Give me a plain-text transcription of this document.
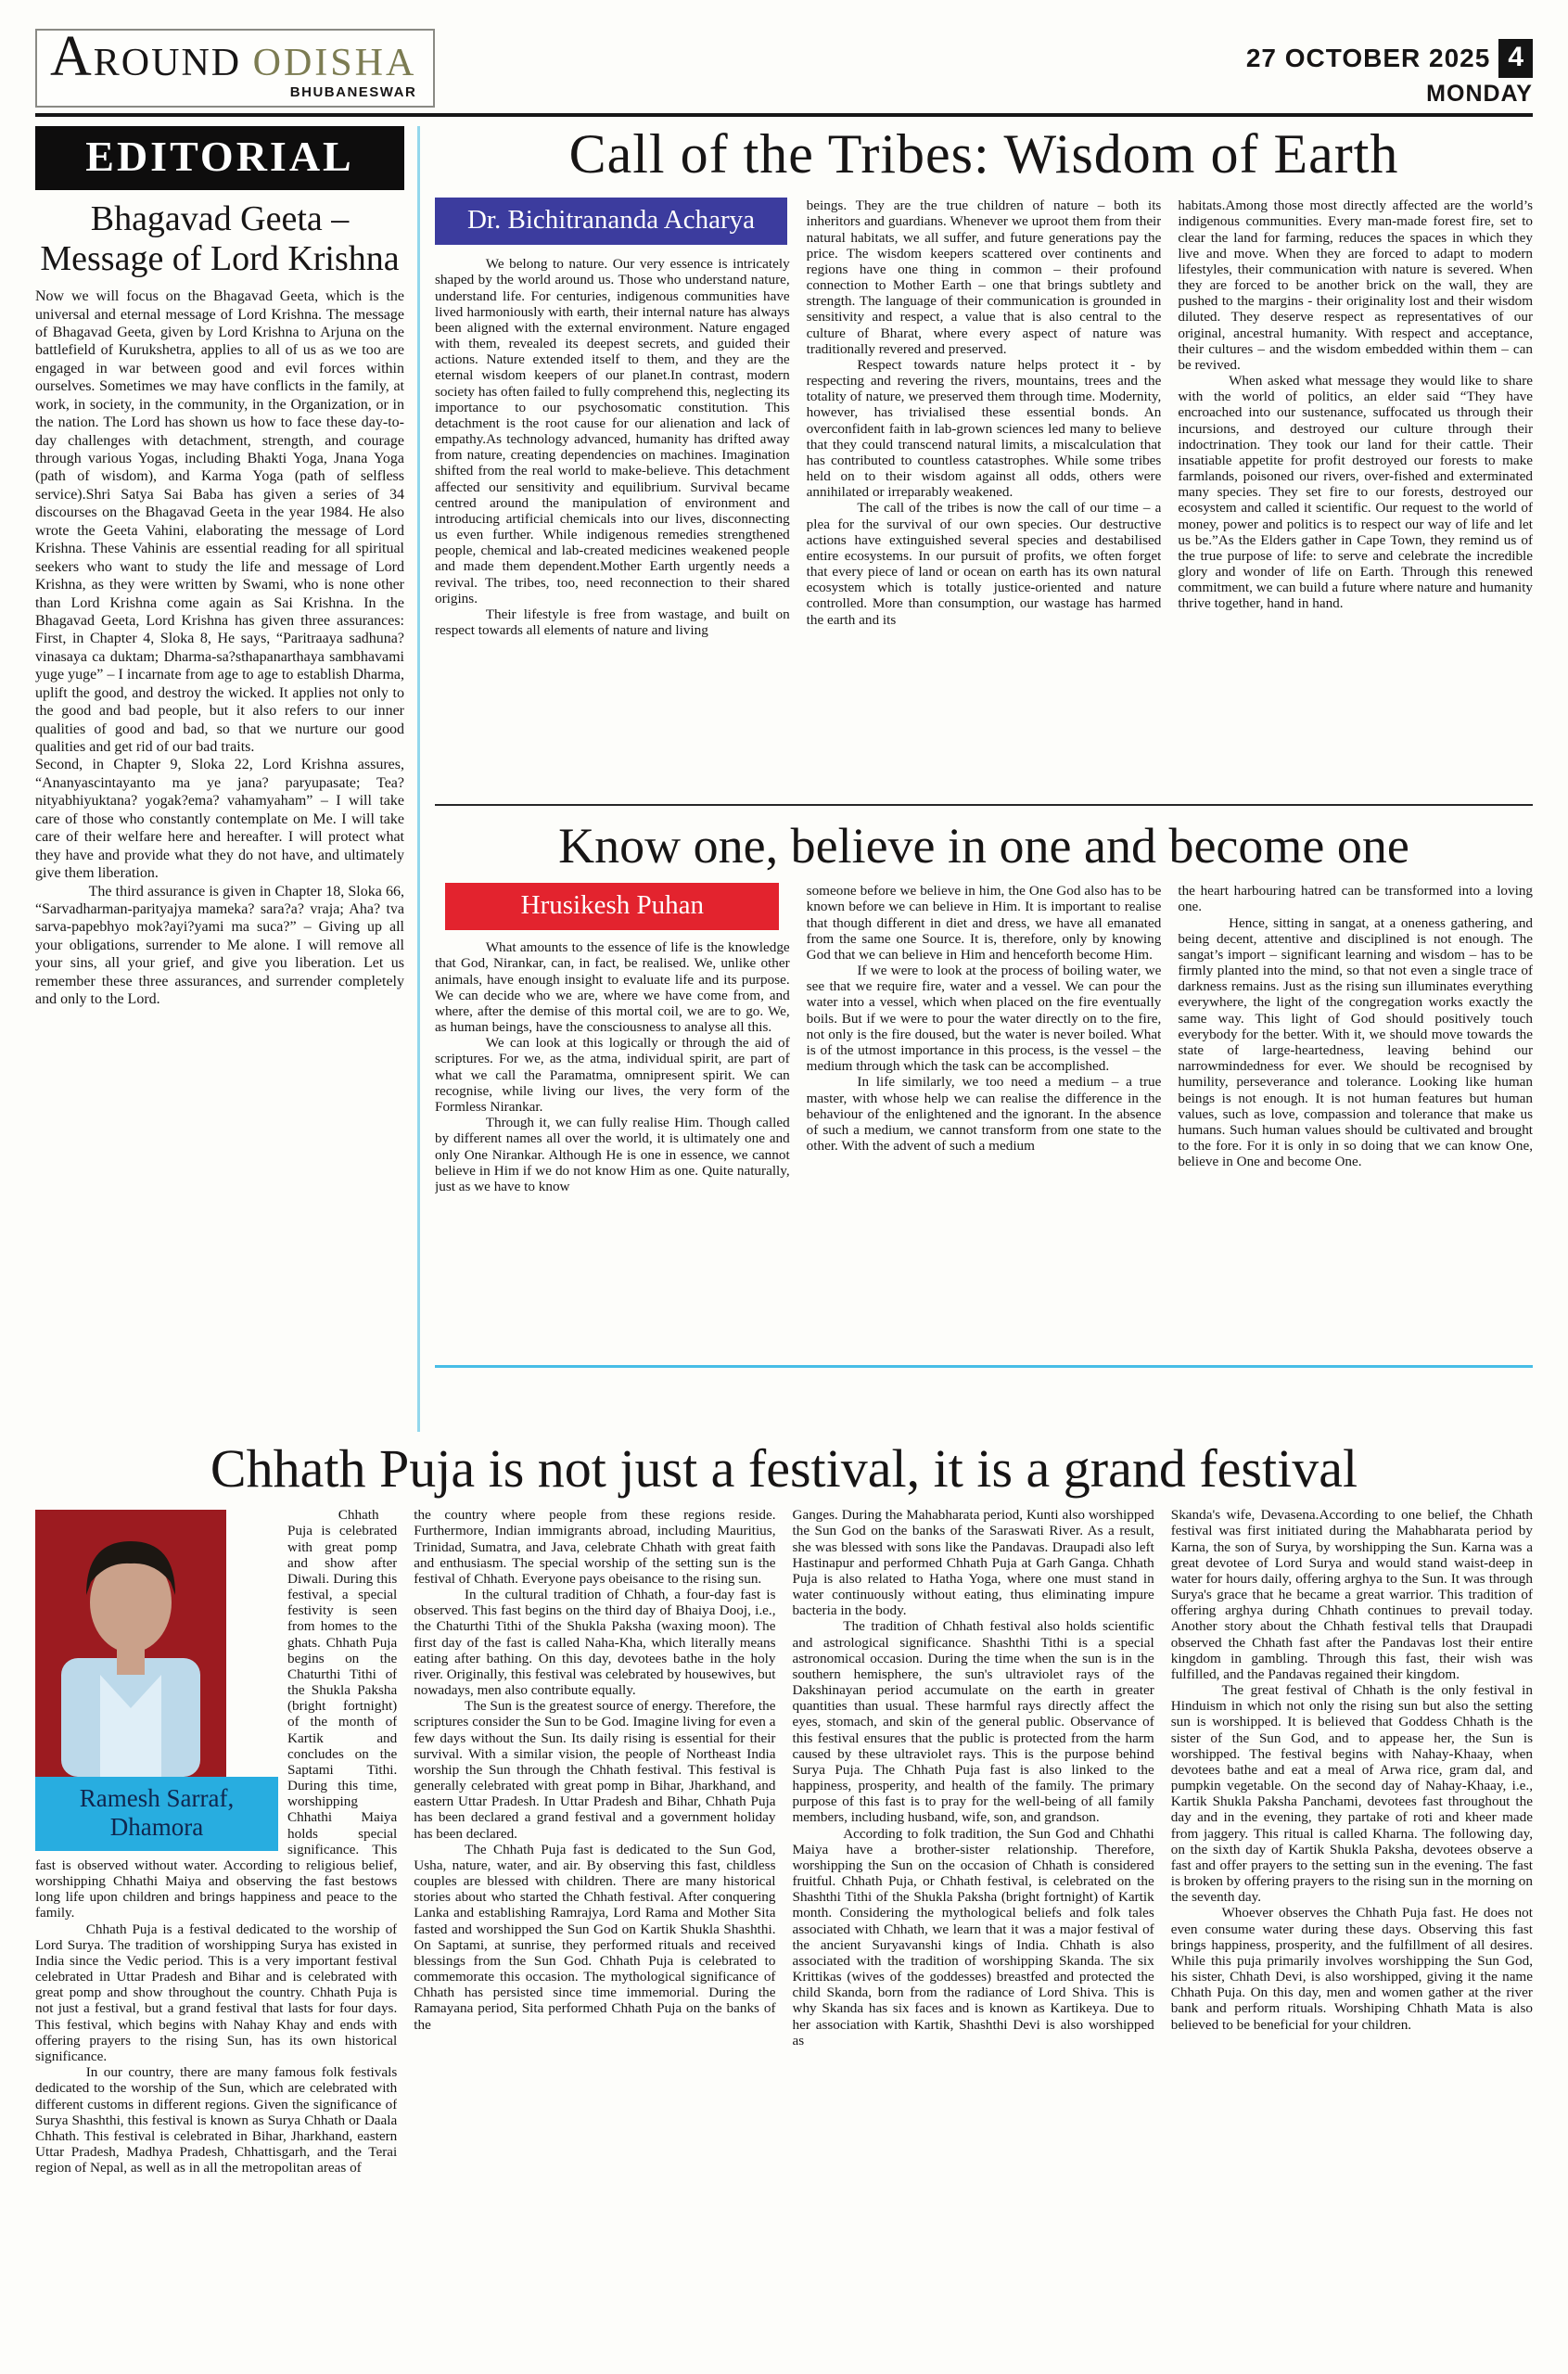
AROUND ODISHA
BHUBANESWAR
27 OCTOBER 2025 4
MONDAY
EDITORIAL
Bhagavad Geeta – Message of Lord Krishna

Now we will focus on the Bhagavad Geeta, which is the universal and eternal message of Lord Krishna. The message of Bhagavad Geeta, given by Lord Krishna to Arjuna on the battlefield of Kurukshetra, applies to all of us as we too are engaged in war between good and evil forces within ourselves. Sometimes we may have conflicts in the family, at work, in society, in the community, in the Organization, or in the nation. The Lord has shown us how to face these day-to-day challenges with detachment, strength, and courage through various Yogas, including Bhakti Yoga, Jnana Yoga (path of wisdom), and Karma Yoga (path of selfless service).Shri Satya Sai Baba has given a series of 34 discourses on the Bhagavad Geeta in the year 1984. He also wrote the Geeta Vahini, elaborating the message of Lord Krishna. These Vahinis are essential reading for all spiritual seekers who want to study the life and message of Lord Krishna, as they were written by Swami, who is none other than Lord Krishna come again as Sai Krishna. In the Bhagavad Geeta, Lord Krishna has given three assurances: First, in Chapter 4, Sloka 8, He says, “Paritraaya sadhuna? vinasaya ca duktam; Dharma-sa?sthapanarthaya sambhavami yuge yuge” – I incarnate from age to age to establish Dharma, uplift the good, and destroy the wicked. It applies not only to the good and bad people, but it also refers to our inner qualities of good and bad, so that we nurture our good qualities and get rid of our bad traits.

Second, in Chapter 9, Sloka 22, Lord Krishna assures, “Ananyascintayanto ma ye jana? paryupasate; Tea? nityabhiyuktana? yogak?ema? vahamyaham” – I will take care of those who constantly contemplate on Me. I will take care of their welfare here and hereafter. I will protect what they have and provide what they do not have, and ultimately give them liberation.

The third assurance is given in Chapter 18, Sloka 66, “Sarvadharman-parityajya mameka? sara?a? vraja; Aha? tva sarva-papebhyo mok?ayi?yami ma suca?” – Giving up all your obligations, surrender to Me alone. I will remove all your sins, all your grief, and give you liberation. Let us remember these three assurances, and surrender completely and only to the Lord.

Call of the Tribes: Wisdom of Earth
Dr. Bichitrananda Acharya

We belong to nature. Our very essence is intricately shaped by the world around us. Those who understand nature, understand life. For centuries, indigenous communities have lived harmoniously with earth, their internal nature has always been aligned with the external environment. Nature engaged with them, revealed its deepest secrets, and guided their actions. Nature extended itself to them, and they are the eternal wisdom keepers of our planet.In contrast, modern society has often failed to fully comprehend this, neglecting its importance to our psychosomatic constitution. This detachment is the root cause for our alienation and lack of empathy.As technology advanced, humanity has drifted away from nature, creating dependencies on machines. Imagination shifted from the real world to make-believe. This detachment affected our sensitivity and equilibrium. Survival became centred around the manipulation of environment and introducing artificial chemicals into our lives, disconnecting us even further. While indigenous remedies strengthened people, chemical and lab-created medicines weakened people and made them dependent.Mother Earth urgently needs a revival. The tribes, too, need reconnection to their shared origins.

Their lifestyle is free from wastage, and built on respect towards all elements of nature and living

beings. They are the true children of nature – both its inheritors and guardians. Whenever we uproot them from their natural habitats, we all suffer, and future generations pay the price. The wisdom keepers scattered over continents and regions have one thing in common – their profound connection to Mother Earth – one that brings subtlety and strength. The language of their communication is grounded in sensitivity and respect, a value that is also central to the culture of Bharat, where every aspect of nature was traditionally revered and preserved.

Respect towards nature helps protect it - by respecting and revering the rivers, mountains, trees and the totality of nature, we preserved them through time. Modernity, however, has trivialised these essential bonds. An overconfident faith in lab-grown sciences led many to believe that they could transcend natural limits, a miscalculation that has contributed to countless catastrophes. While some tribes held on to their wisdom against all odds, others were annihilated or irreparably weakened.

The call of the tribes is now the call of our time – a plea for the survival of our own species. Our destructive actions have extinguished several species and destabilised entire ecosystems. In our pursuit of profits, we often forget that every piece of land or ocean on earth has its own natural ecosystem which is totally justice-oriented and nature controlled. More than consumption, our wastage has harmed the earth and its

habitats.Among those most directly affected are the world’s indigenous communities. Every man-made forest fire, set to clear the land for farming, reduces the spaces in which they live and move. When they are forced to adapt to modern lifestyles, their communication with nature is severed. When they are forced to be another brick on the wall, they are pushed to the margins - their originality lost and their wisdom diluted. They deserve respect as representatives of our original, ancestral humanity. With respect and acceptance, their cultures – and the wisdom embedded within them – can be revived.

When asked what message they would like to share with the world of politics, an elder said “They have encroached into our sustenance, suffocated us through their incursions, and destroyed our culture through their indoctrination. They took our land for their cattle. Their insatiable appetite for profit destroyed our forests to make farmlands, poisoned our rivers, over-fished and exterminated many species. They set fire to our forests, destroyed our ecosystem and called it scientific. Our request to the world of money, power and politics is to respect our way of life and let us be.”As the Elders gather in Cape Town, they remind us of the true purpose of life: to serve and celebrate the incredible glory and wonder of life on Earth. Through this renewed commitment, we can build a future where nature and humanity thrive together, hand in hand.

Know one, believe in one and become one
Hrusikesh Puhan

What amounts to the essence of life is the knowledge that God, Nirankar, can, in fact, be realised. We, unlike other animals, have enough insight to evaluate life and its purpose. We can decide who we are, where we have come from, and where, after the demise of this mortal coil, we are to go. We, as human beings, have the consciousness to analyse all this.

We can look at this logically or through the aid of scriptures. For we, as the atma, individual spirit, are part of what we call the Paramatma, omnipresent spirit. We can recognise, while living our lives, the very form of the Formless Nirankar.

Through it, we can fully realise Him. Though called by different names all over the world, it is ultimately one and only One Nirankar. Although He is one in essence, we cannot believe in Him if we do not know Him as one. Quite naturally, just as we have to know

someone before we believe in him, the One God also has to be known before we can believe in Him. It is important to realise that though different in diet and dress, we have all emanated from the same one Source. It is, therefore, only by knowing God that we can believe in Him and henceforth become Him.

If we were to look at the process of boiling water, we see that we require fire, water and a vessel. We can pour the water into a vessel, which when placed on the fire eventually boils. But if we were to pour the water directly on to the fire, not only is the fire doused, but the water is never boiled. What is of the utmost importance in this process, is the vessel – the medium through which the task can be accomplished.

In life similarly, we too need a medium – a true master, with whose help we can realise the difference in the behaviour of the enlightened and the ignorant. In the absence of such a medium, we cannot transform from one state to the other. With the advent of such a medium

the heart harbouring hatred can be transformed into a loving one.

Hence, sitting in sangat, at a oneness gathering, and being decent, attentive and disciplined is not enough. The sangat’s import – significant learning and wisdom – has to be firmly planted into the mind, so that not even a single trace of darkness remains. Just as the rising sun illuminates everything everywhere, the light of the congregation works exactly the same way. This light of God should positively touch everybody for the better. With it, we should move towards the state of large-heartedness, leaving behind our narrowmindedness for ever. We should be recognised by humility, perseverance and tolerance. Looking like human beings is not enough. It is not human features but human values, such as love, compassion and tolerance that make us humans. Such human values should be cultivated and brought to the fore. For it is only in so doing that we can know One, believe in One and become One.

Chhath Puja is not just a festival, it is a grand festival
Ramesh Sarraf, Dhamora

Chhath Puja is celebrated with great pomp and show after Diwali. During this festival, a special festivity is seen from homes to the ghats. Chhath Puja begins on the Chaturthi Tithi of the Shukla Paksha (bright fortnight) of the month of Kartik and concludes on the Saptami Tithi. During this time, worshipping Chhathi Maiya holds special significance. This fast is observed without water. According to religious belief, worshipping Chhathi Maiya and observing the fast bestows long life upon children and brings happiness and peace to the family.

Chhath Puja is a festival dedicated to the worship of Lord Surya. The tradition of worshipping Surya has existed in India since the Vedic period. This is a very important festival celebrated in Uttar Pradesh and Bihar and is celebrated with great pomp and show throughout the country. Chhath Puja is not just a festival, but a grand festival that lasts for four days. This festival, which begins with Nahay Khay and ends with offering prayers to the rising Sun, has its own historical significance.

In our country, there are many famous folk festivals dedicated to the worship of the Sun, which are celebrated with different customs in different regions. Given the significance of Surya Shashthi, this festival is known as Surya Chhath or Daala Chhath. This festival is celebrated in Bihar, Jharkhand, eastern Uttar Pradesh, Madhya Pradesh, Chhattisgarh, and the Terai region of Nepal, as well as in all the metropolitan areas of

the country where people from these regions reside. Furthermore, Indian immigrants abroad, including Mauritius, Trinidad, Sumatra, and Java, celebrate Chhath with great faith and enthusiasm. The special worship of the setting sun is the festival of Chhath. Everyone pays obeisance to the rising sun.

In the cultural tradition of Chhath, a four-day fast is observed. This fast begins on the third day of Bhaiya Dooj, i.e., the Chaturthi Tithi of the Shukla Paksha (waxing moon). The first day of the fast is called Naha-Kha, which literally means eating after bathing. On this day, devotees bathe in the holy river. Originally, this festival was celebrated by housewives, but nowadays, men also contribute equally.

The Sun is the greatest source of energy. Therefore, the scriptures consider the Sun to be God. Imagine living for even a few days without the Sun. Its daily rising is essential for their survival. With a similar vision, the people of Northeast India worship the Sun through the Chhath festival. This festival is generally celebrated with great pomp in Bihar, Jharkhand, and eastern Uttar Pradesh. In Uttar Pradesh and Bihar, Chhath Puja has been declared a grand festival and a government holiday has been declared.

The Chhath Puja fast is dedicated to the Sun God, Usha, nature, water, and air. By observing this fast, childless couples are blessed with children. There are many historical stories about who started the Chhath festival. After conquering Lanka and establishing Ramrajya, Lord Rama and Mother Sita fasted and worshipped the Sun God on Kartik Shukla Shashthi. On Saptami, at sunrise, they performed rituals and received blessings from the Sun God. Chhath Puja is celebrated to commemorate this occasion. The mythological significance of Chhath has persisted since time immemorial. During the Ramayana period, Sita performed Chhath Puja on the banks of the

Ganges. During the Mahabharata period, Kunti also worshipped the Sun God on the banks of the Saraswati River. As a result, she was blessed with sons like the Pandavas. Draupadi also left Hastinapur and performed Chhath Puja at Garh Ganga. Chhath Puja is also related to Hatha Yoga, where one must stand in water continuously without eating, thus eliminating impure bacteria in the body.

The tradition of Chhath festival also holds scientific and astrological significance. Shashthi Tithi is a special astronomical occasion. During the time when the sun is in the southern hemisphere, the sun's ultraviolet rays of the Dakshinayan period accumulate on the earth in greater quantities than usual. These harmful rays directly affect the eyes, stomach, and skin of the general public. Observance of this festival ensures that the public is protected from the harm caused by these ultraviolet rays. This is the purpose behind Surya Puja. The Chhath Puja fast is also linked to the happiness, prosperity, and health of the family. The primary purpose of this fast is to pray for the well-being of all family members, including husband, wife, son, and grandson.

According to folk tradition, the Sun God and Chhathi Maiya have a brother-sister relationship. Therefore, worshipping the Sun on the occasion of Chhath is considered fruitful. Chhath Puja, or Chhath festival, is celebrated on the Shashthi Tithi of the Shukla Paksha (bright fortnight) of Kartik month. Considering the mythological beliefs and folk tales associated with Chhath, we learn that it was a major festival of the ancient Suryavanshi kings of India. Chhath is also associated with the tradition of worshipping Skanda. The six Krittikas (wives of the goddesses) breastfed and protected the child Skanda, born from the radiance of Lord Shiva. This is why Skanda has six faces and is known as Kartikeya. Due to her association with Kartik, Shashthi Devi is also worshipped as

Skanda's wife, Devasena.According to one belief, the Chhath festival was first initiated during the Mahabharata period by Karna, the son of Surya, by worshipping the Sun. Karna was a great devotee of Lord Surya and would stand waist-deep in water for hours daily, offering arghya to the Sun. It was through Surya's grace that he became a great warrior. This tradition of offering arghya during Chhath continues to prevail today. Another story about the Chhath festival tells that Draupadi observed the Chhath fast after the Pandavas lost their entire kingdom in gambling. Through this fast, their wish was fulfilled, and the Pandavas regained their kingdom.

The great festival of Chhath is the only festival in Hinduism in which not only the rising sun but also the setting sun is worshipped. It is believed that Goddess Chhath is the sister of the Sun God, and to appease her, the Sun is worshipped. The festival begins with Nahay-Khaay, when devotees bathe and eat a meal of Arwa rice, gram dal, and pumpkin vegetable. On the second day of Nahay-Khaay, i.e., Kartik Shukla Paksha Panchami, devotees fast throughout the day and in the evening, they partake of roti and kheer made from jaggery. This ritual is called Kharna. The following day, on the sixth day of Kartik Shukla Paksha, devotees observe a fast and offer prayers to the setting sun in the evening. The fast is broken by offering prayers to the rising sun in the morning on the seventh day.

Whoever observes the Chhath Puja fast. He does not even consume water during these days. Observing this fast brings happiness, prosperity, and the fulfillment of all desires. While this puja primarily involves worshipping the Sun God, his sister, Chhath Devi, is also worshipped, giving it the name Chhath Puja. On this day, men and women gather at the river bank and perform rituals. Worshiping Chhath Mata is also believed to be beneficial for your children.
